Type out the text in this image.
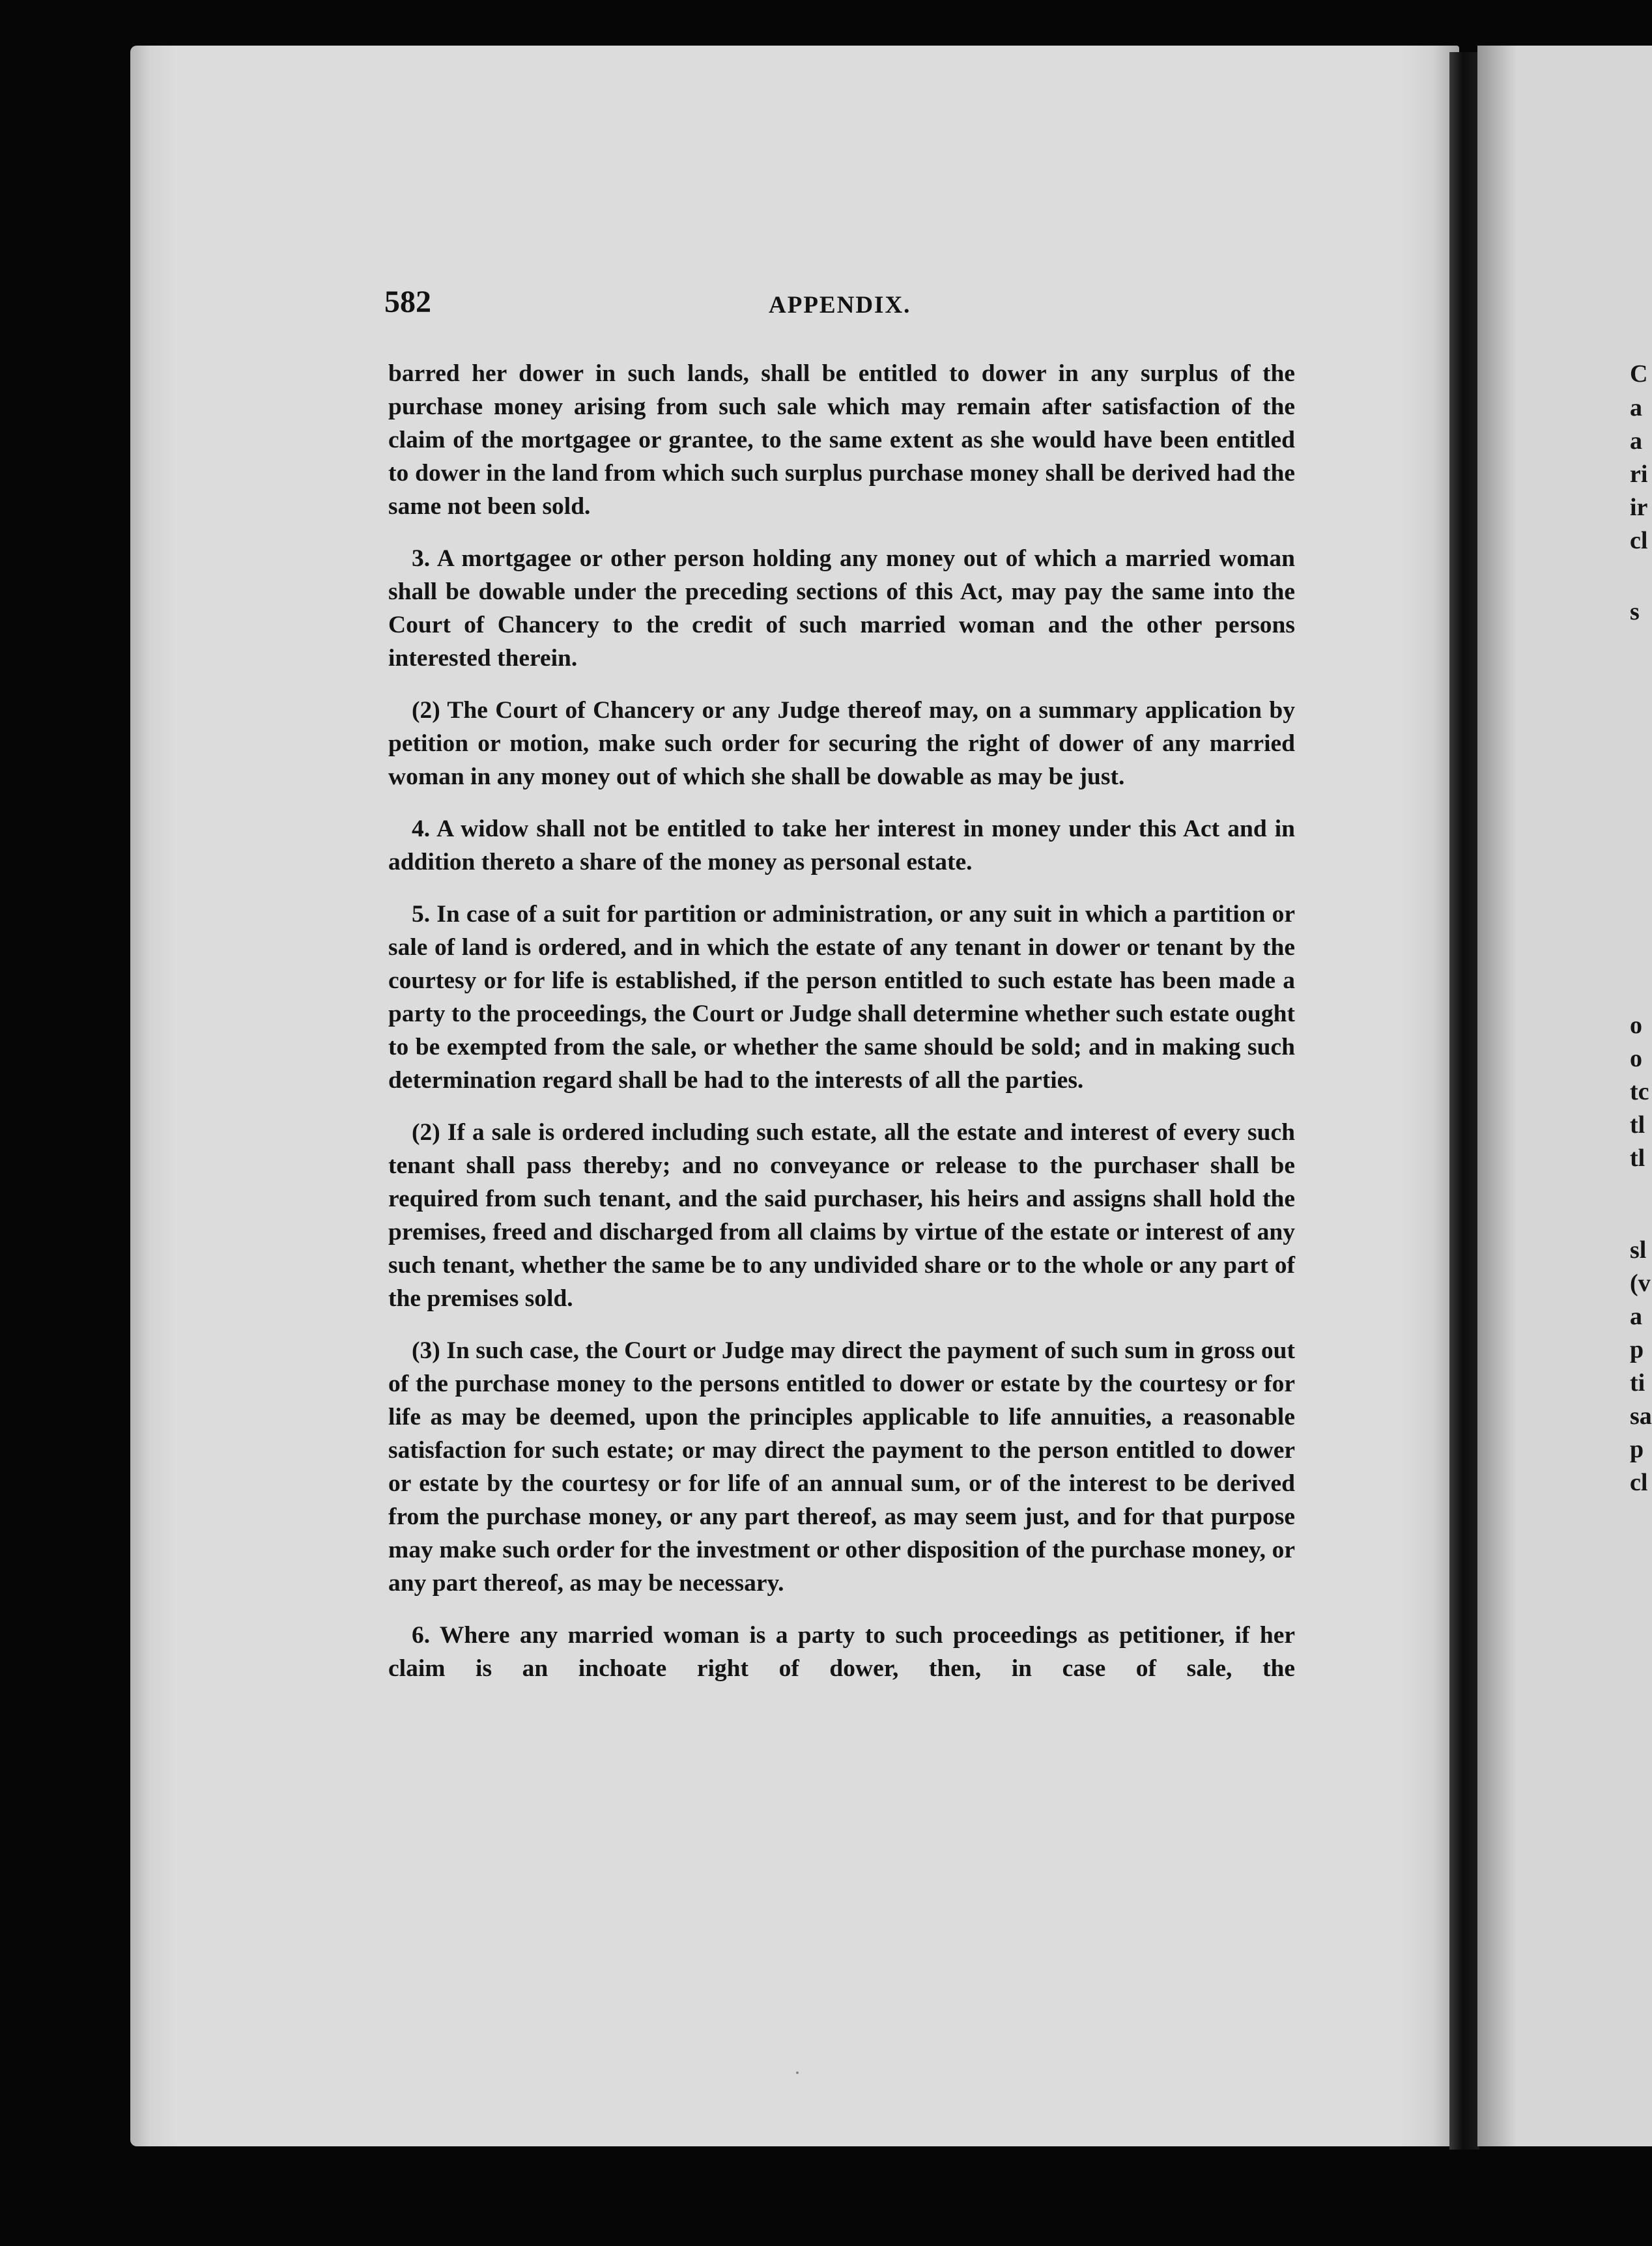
582	APPENDIX.

barred her dower in such lands, shall be entitled to dower in any surplus of the purchase money arising from such sale which may remain after satisfaction of the claim of the mortgagee or grantee, to the same extent as she would have been entitled to dower in the land from which such surplus purchase money shall be derived had the same not been sold.

3. A mortgagee or other person holding any money out of which a married woman shall be dowable under the preceding sections of this Act, may pay the same into the Court of Chancery to the credit of such married woman and the other persons interested therein.

(2) The Court of Chancery or any Judge thereof may, on a summary application by petition or motion, make such order for securing the right of dower of any married woman in any money out of which she shall be dowable as may be just.

4. A widow shall not be entitled to take her interest in money under this Act and in addition thereto a share of the money as personal estate.

5. In case of a suit for partition or administration, or any suit in which a partition or sale of land is ordered, and in which the estate of any tenant in dower or tenant by the courtesy or for life is established, if the person entitled to such estate has been made a party to the proceedings, the Court or Judge shall determine whether such estate ought to be exempted from the sale, or whether the same should be sold; and in making such determination regard shall be had to the interests of all the parties.

(2) If a sale is ordered including such estate, all the estate and interest of every such tenant shall pass thereby; and no conveyance or release to the purchaser shall be required from such tenant, and the said purchaser, his heirs and assigns shall hold the premises, freed and discharged from all claims by virtue of the estate or interest of any such tenant, whether the same be to any undivided share or to the whole or any part of the premises sold.

(3) In such case, the Court or Judge may direct the payment of such sum in gross out of the purchase money to the persons entitled to dower or estate by the courtesy or for life as may be deemed, upon the principles applicable to life annuities, a reasonable satisfaction for such estate; or may direct the payment to the person entitled to dower or estate by the courtesy or for life of an annual sum, or of the interest to be derived from the purchase money, or any part thereof, as may seem just, and for that purpose may make such order for the investment or other disposition of the purchase money, or any part thereof, as may be necessary.

6. Where any married woman is a party to such proceedings as petitioner, if her claim is an inchoate right of dower, then, in case of sale, the

C
a
a
ri
ir
cl
s
o
o
tc
tl
tl
sl
(v
a
p
ti
sa
p
cl
